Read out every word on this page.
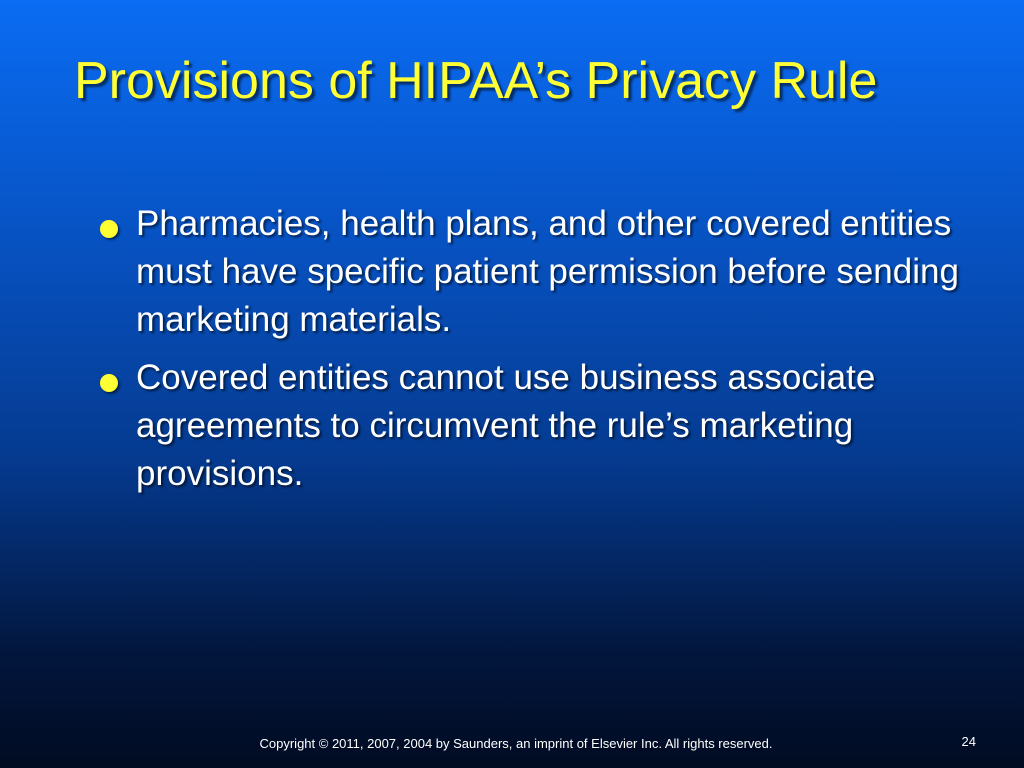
Provisions of HIPAA’s Privacy Rule
Pharmacies, health plans, and other covered entities must have specific patient permission before sending marketing materials.
Covered entities cannot use business associate agreements to circumvent the rule’s marketing provisions.
Copyright © 2011, 2007, 2004 by Saunders, an imprint of Elsevier Inc. All rights reserved.	24
